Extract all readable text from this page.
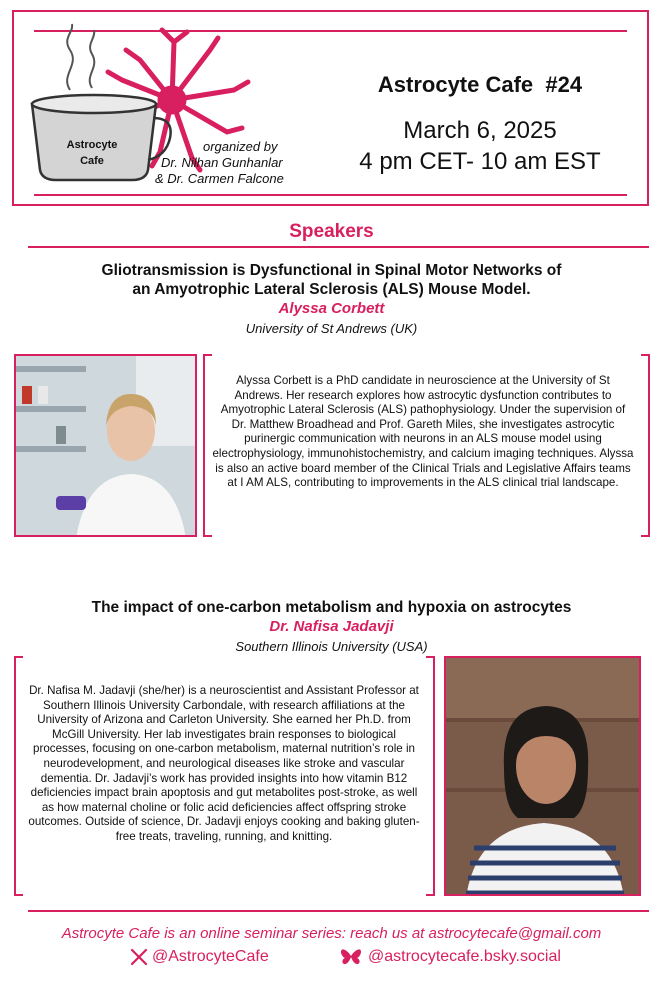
Astrocyte
Cafe
organized by
Dr. Nilhan Gunhanlar
& Dr. Carmen Falcone
Astrocyte Cafe  #24
March 6, 2025
4 pm CET- 10 am EST
Speakers
Gliotransmission is Dysfunctional in Spinal Motor Networks of
an Amyotrophic Lateral Sclerosis (ALS) Mouse Model.
Alyssa Corbett
University of St Andrews (UK)
Alyssa Corbett is a PhD candidate in neuroscience at the University of St Andrews. Her research explores how astrocytic dysfunction contributes to Amyotrophic Lateral Sclerosis (ALS) pathophysiology. Under the supervision of Dr. Matthew Broadhead and Prof. Gareth Miles, she investigates astrocytic purinergic communication with neurons in an ALS mouse model using electrophysiology, immunohistochemistry, and calcium imaging techniques. Alyssa is also an active board member of the Clinical Trials and Legislative Affairs teams at I AM ALS, contributing to improvements in the ALS clinical trial landscape.
The impact of one-carbon metabolism and hypoxia on astrocytes
Dr. Nafisa Jadavji
Southern Illinois University (USA)
Dr. Nafisa M. Jadavji (she/her) is a neuroscientist and Assistant Professor at Southern Illinois University Carbondale, with research affiliations at the University of Arizona and Carleton University. She earned her Ph.D. from McGill University. Her lab investigates brain responses to biological processes, focusing on one-carbon metabolism, maternal nutrition’s role in neurodevelopment, and neurological diseases like stroke and vascular dementia. Dr. Jadavji’s work has provided insights into how vitamin B12 deficiencies impact brain apoptosis and gut metabolites post-stroke, as well as how maternal choline or folic acid deficiencies affect offspring stroke outcomes. Outside of science, Dr. Jadavji enjoys cooking and baking gluten-free treats, traveling, running, and knitting.
Astrocyte Cafe is an online seminar series: reach us at astrocytecafe@gmail.com
@AstrocyteCafe	@astrocytecafe.bsky.social
